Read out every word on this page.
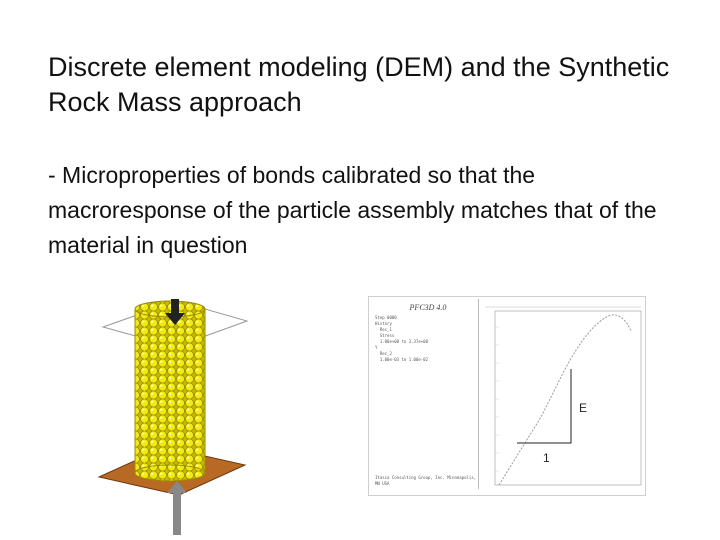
Discrete element modeling (DEM) and the Synthetic Rock Mass approach

- Microproperties of bonds calibrated so that the macroresponse of the particle assembly matches that of the material in question

PFC3D 4.0
Step 0000
History
Rec_1
Stress
1.00e+00 to 3.37e+00
Y
Rec_2
1.00e-03 to 1.00e-02
Itasca Consulting Group, Inc. Minneapolis, MN USA
E
1
